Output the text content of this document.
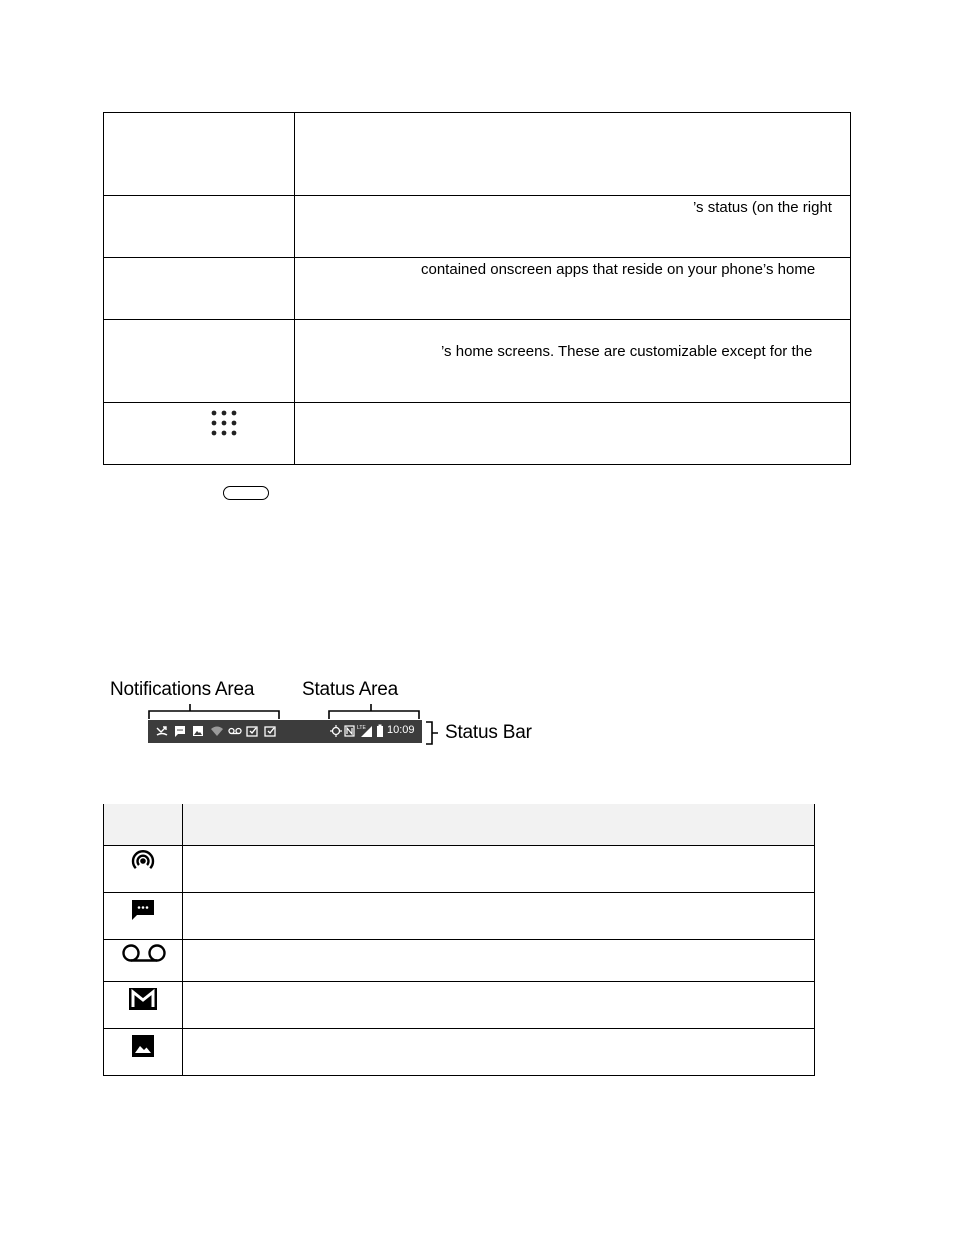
	’s status (on the right

	contained onscreen apps that reside on your phone’s home

	’s home screens. These are customizable except for the

Notifications Area	Status Area
Status Bar
LTE 10:09
